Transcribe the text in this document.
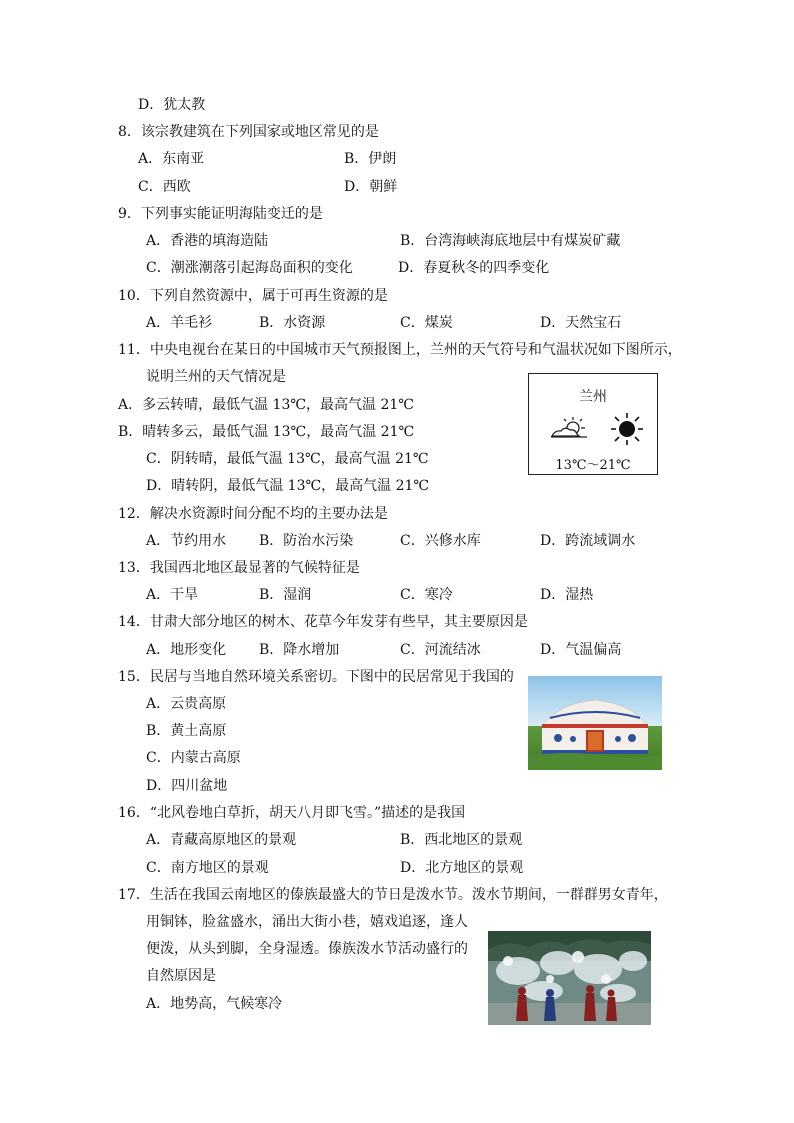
D．犹太教
8．该宗教建筑在下列国家或地区常见的是
A．东南亚	B．伊朗
C．西欧	D．朝鲜
9．下列事实能证明海陆变迁的是
A．香港的填海造陆	B．台湾海峡海底地层中有煤炭矿藏
C．潮涨潮落引起海岛面积的变化	D．春夏秋冬的四季变化
10．下列自然资源中，属于可再生资源的是
A．羊毛衫	B．水资源	C．煤炭	D．天然宝石
11．中央电视台在某日的中国城市天气预报图上，兰州的天气符号和气温状况如下图所示，
说明兰州的天气情况是
A．多云转晴，最低气温 13℃，最高气温 21℃
B．晴转多云，最低气温 13℃，最高气温 21℃
C．阴转晴，最低气温 13℃，最高气温 21℃
D．晴转阴，最低气温 13℃，最高气温 21℃
兰州
13℃～21℃
12．解决水资源时间分配不均的主要办法是
A．节约用水 B．防治水污染	C．兴修水库	D．跨流域调水
13．我国西北地区最显著的气候特征是
A．干旱	B．湿润	C．寒冷	D．湿热
14．甘肃大部分地区的树木、花草今年发芽有些早，其主要原因是
A．地形变化 B．降水增加	C．河流结冰	D．气温偏高
15．民居与当地自然环境关系密切。下图中的民居常见于我国的
A．云贵高原
B．黄土高原
C．内蒙古高原
D．四川盆地
16．“北风卷地白草折，胡天八月即飞雪。”描述的是我国
A．青藏高原地区的景观	B．西北地区的景观
C．南方地区的景观	D．北方地区的景观
17．生活在我国云南地区的傣族最盛大的节日是泼水节。泼水节期间，一群群男女青年，
用铜钵，脸盆盛水，涌出大街小巷，嬉戏追逐，逢人
便泼，从头到脚，全身湿透。傣族泼水节活动盛行的
自然原因是
A．地势高，气候寒冷
